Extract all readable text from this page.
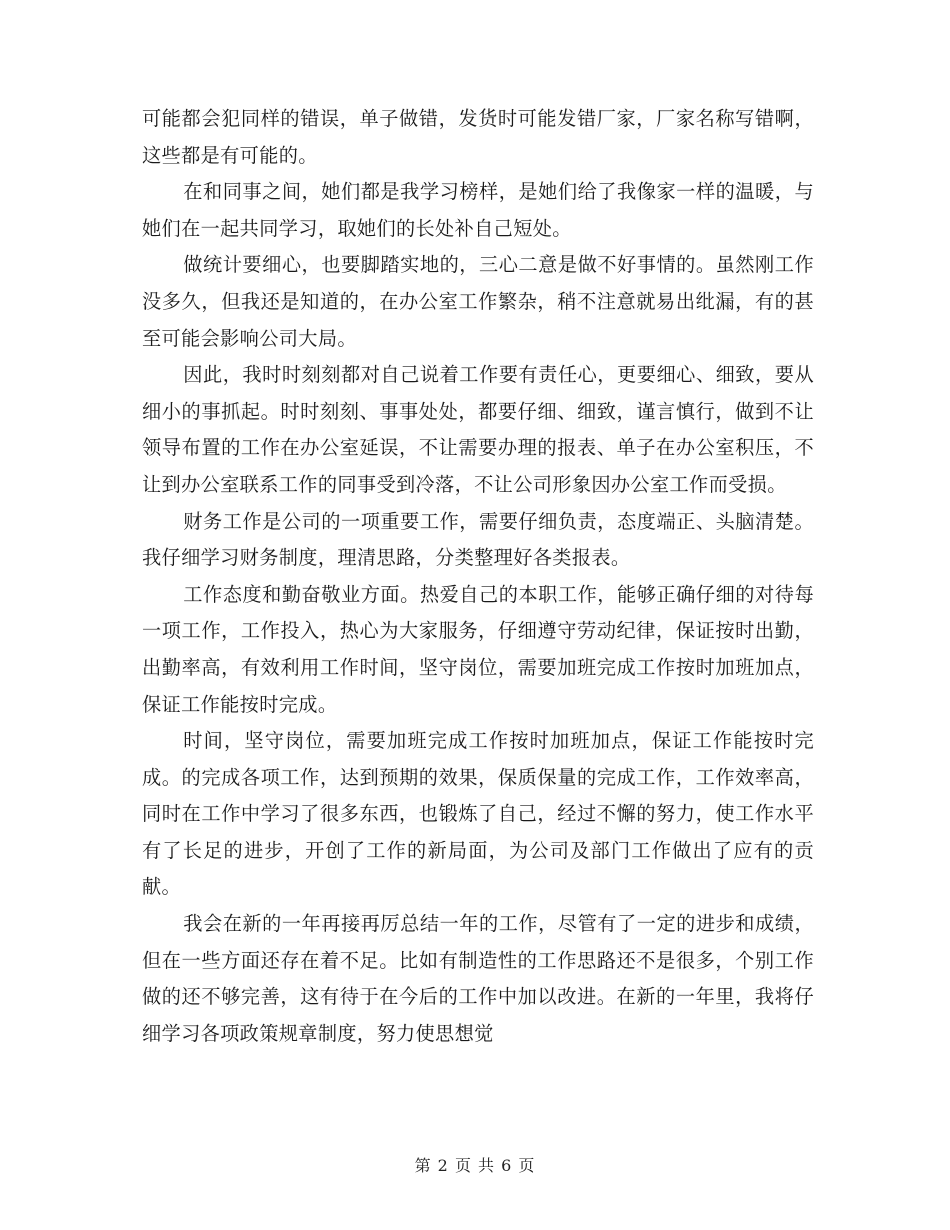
可能都会犯同样的错误，单子做错，发货时可能发错厂家，厂家名称写错啊，这些都是有可能的。

在和同事之间，她们都是我学习榜样，是她们给了我像家一样的温暖，与她们在一起共同学习，取她们的长处补自己短处。

做统计要细心，也要脚踏实地的，三心二意是做不好事情的。虽然刚工作没多久，但我还是知道的，在办公室工作繁杂，稍不注意就易出纰漏，有的甚至可能会影响公司大局。

因此，我时时刻刻都对自己说着工作要有责任心，更要细心、细致，要从细小的事抓起。时时刻刻、事事处处，都要仔细、细致，谨言慎行，做到不让领导布置的工作在办公室延误，不让需要办理的报表、单子在办公室积压，不让到办公室联系工作的同事受到冷落，不让公司形象因办公室工作而受损。

财务工作是公司的一项重要工作，需要仔细负责，态度端正、头脑清楚。我仔细学习财务制度，理清思路，分类整理好各类报表。

工作态度和勤奋敬业方面。热爱自己的本职工作，能够正确仔细的对待每一项工作，工作投入，热心为大家服务，仔细遵守劳动纪律，保证按时出勤，出勤率高，有效利用工作时间，坚守岗位，需要加班完成工作按时加班加点，保证工作能按时完成。

时间，坚守岗位，需要加班完成工作按时加班加点，保证工作能按时完成。的完成各项工作，达到预期的效果，保质保量的完成工作，工作效率高，同时在工作中学习了很多东西，也锻炼了自己，经过不懈的努力，使工作水平有了长足的进步，开创了工作的新局面，为公司及部门工作做出了应有的贡献。

我会在新的一年再接再厉总结一年的工作，尽管有了一定的进步和成绩，但在一些方面还存在着不足。比如有制造性的工作思路还不是很多，个别工作做的还不够完善，这有待于在今后的工作中加以改进。在新的一年里，我将仔细学习各项政策规章制度，努力使思想觉

第 2 页 共 6 页
